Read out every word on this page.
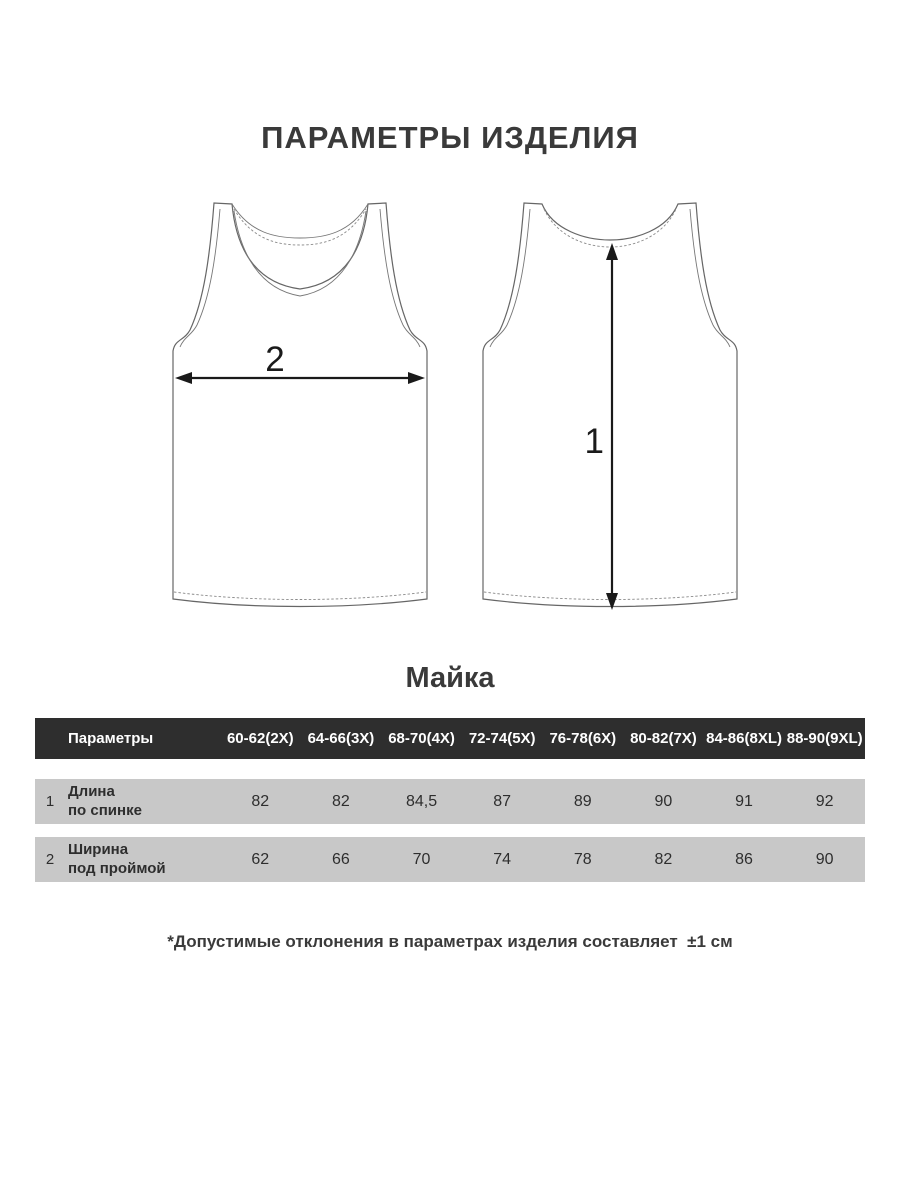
ПАРАМЕТРЫ ИЗДЕЛИЯ
2
1
Майка
Параметры	60-62(2X) 64-66(3X) 68-70(4X) 72-74(5X) 76-78(6X) 80-82(7X) 84-86(8XL) 88-90(9XL)
1
Длина
по спинке
82	82	84,5	87	89	90	91	92
2
Ширина
под проймой
62	66	70	74	78	82	86	90
*Допустимые отклонения в параметрах изделия составляет  ±1 см
